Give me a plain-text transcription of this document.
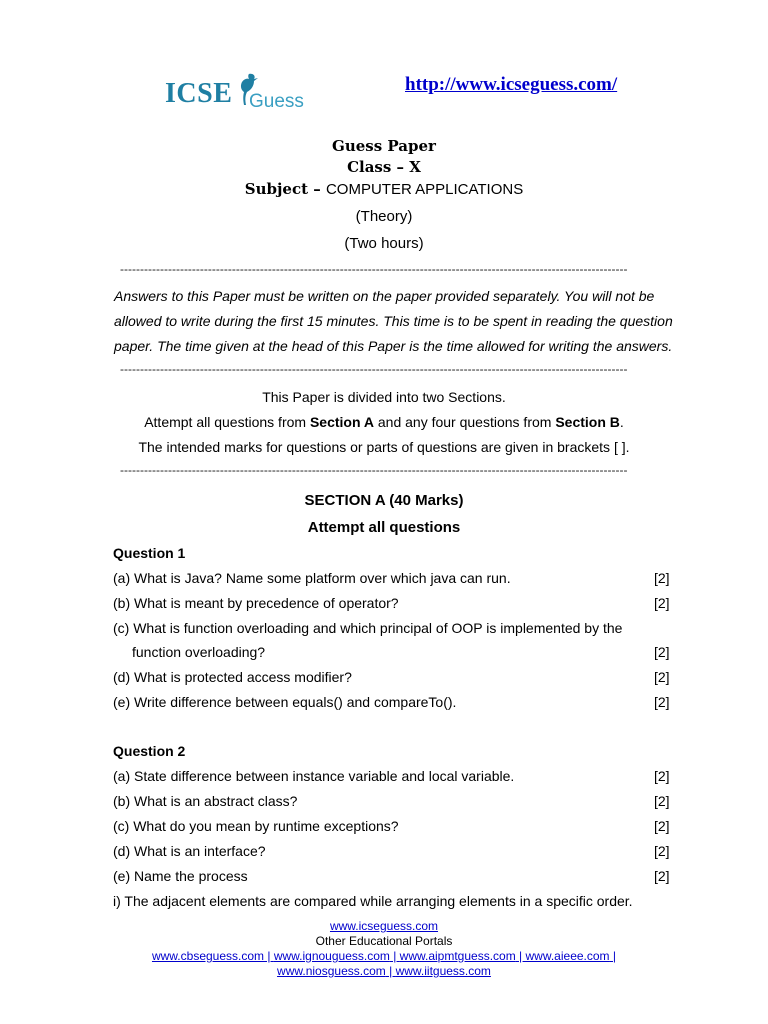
ICSE Guess
http://www.icseguess.com/
Guess Paper
Class – X
Subject – COMPUTER APPLICATIONS
(Theory)
(Two hours)
-------------------------------------------------------------------------------------------------------------------------------
Answers to this Paper must be written on the paper provided separately. You will not be allowed to write during the first 15 minutes. This time is to be spent in reading the question paper. The time given at the head of this Paper is the time allowed for writing the answers.
-------------------------------------------------------------------------------------------------------------------------------
This Paper is divided into two Sections.
Attempt all questions from Section A and any four questions from Section B.
The intended marks for questions or parts of questions are given in brackets [ ].
-------------------------------------------------------------------------------------------------------------------------------
SECTION A (40 Marks)
Attempt all questions
Question 1
(a) What is Java? Name some platform over which java can run.	[2]
(b) What is meant by precedence of operator?	[2]
(c) What is function overloading and which principal of OOP is implemented by the
function overloading?	[2]
(d) What is protected access modifier?	[2]
(e) Write difference between equals() and compareTo().	[2]
Question 2
(a) State difference between instance variable and local variable.	[2]
(b) What is an abstract class?	[2]
(c) What do you mean by runtime exceptions?	[2]
(d) What is an interface?	[2]
(e) Name the process	[2]
i) The adjacent elements are compared while arranging elements in a specific order.
www.icseguess.com
Other Educational Portals
www.cbseguess.com | www.ignouguess.com | www.aipmtguess.com | www.aieee.com |
www.niosguess.com | www.iitguess.com
